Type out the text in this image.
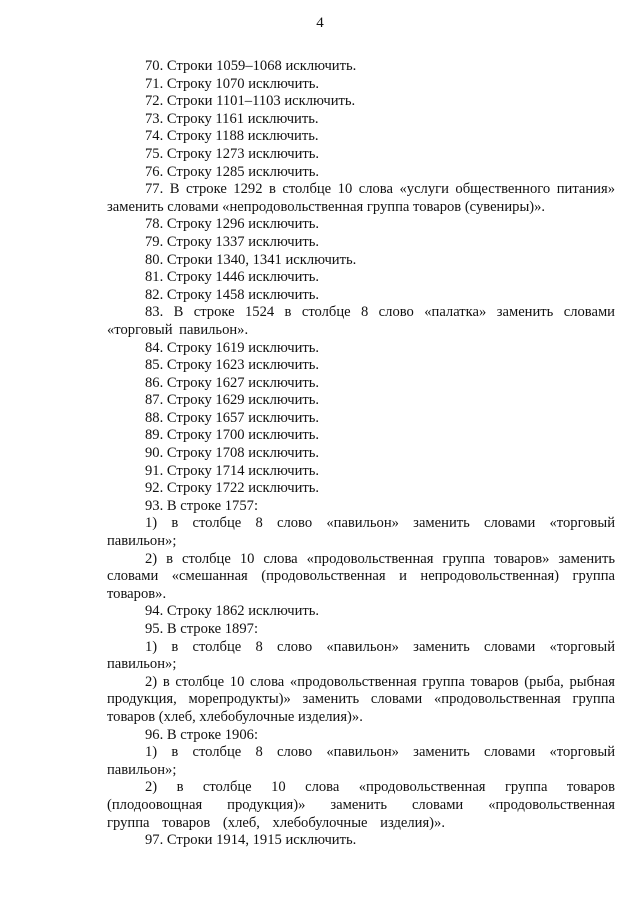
4

70. Строки 1059–1068 исключить.

71. Строку 1070 исключить.

72. Строки 1101–1103 исключить.

73. Строку 1161 исключить.

74. Строку 1188 исключить.

75. Строку 1273 исключить.

76. Строку 1285 исключить.

77. В строке 1292 в столбце 10 слова «услуги общественного питания» заменить словами «непродовольственная группа товаров (сувениры)».

78. Строку 1296 исключить.

79. Строку 1337 исключить.

80. Строки 1340, 1341 исключить.

81. Строку 1446 исключить.

82. Строку 1458 исключить.

83. В строке 1524 в столбце 8 слово «палатка» заменить словами «торговый павильон».

84. Строку 1619 исключить.

85. Строку 1623 исключить.

86. Строку 1627 исключить.

87. Строку 1629 исключить.

88. Строку 1657 исключить.

89. Строку 1700 исключить.

90. Строку 1708 исключить.

91. Строку 1714 исключить.

92. Строку 1722 исключить.

93. В строке 1757:

1) в столбце 8 слово «павильон» заменить словами «торговый павильон»;

2) в столбце 10 слова «продовольственная группа товаров» заменить словами «смешанная (продовольственная и непродовольственная) группа товаров».

94. Строку 1862 исключить.

95. В строке 1897:

1) в столбце 8 слово «павильон» заменить словами «торговый павильон»;

2) в столбце 10 слова «продовольственная группа товаров (рыба, рыбная продукция, морепродукты)» заменить словами «продовольственная группа товаров (хлеб, хлебобулочные изделия)».

96. В строке 1906:

1) в столбце 8 слово «павильон» заменить словами «торговый павильон»;

2) в столбце 10 слова «продовольственная группа товаров (плодоовощная продукция)» заменить словами «продовольственная группа товаров (хлеб, хлебобулочные изделия)».

97. Строки 1914, 1915 исключить.
